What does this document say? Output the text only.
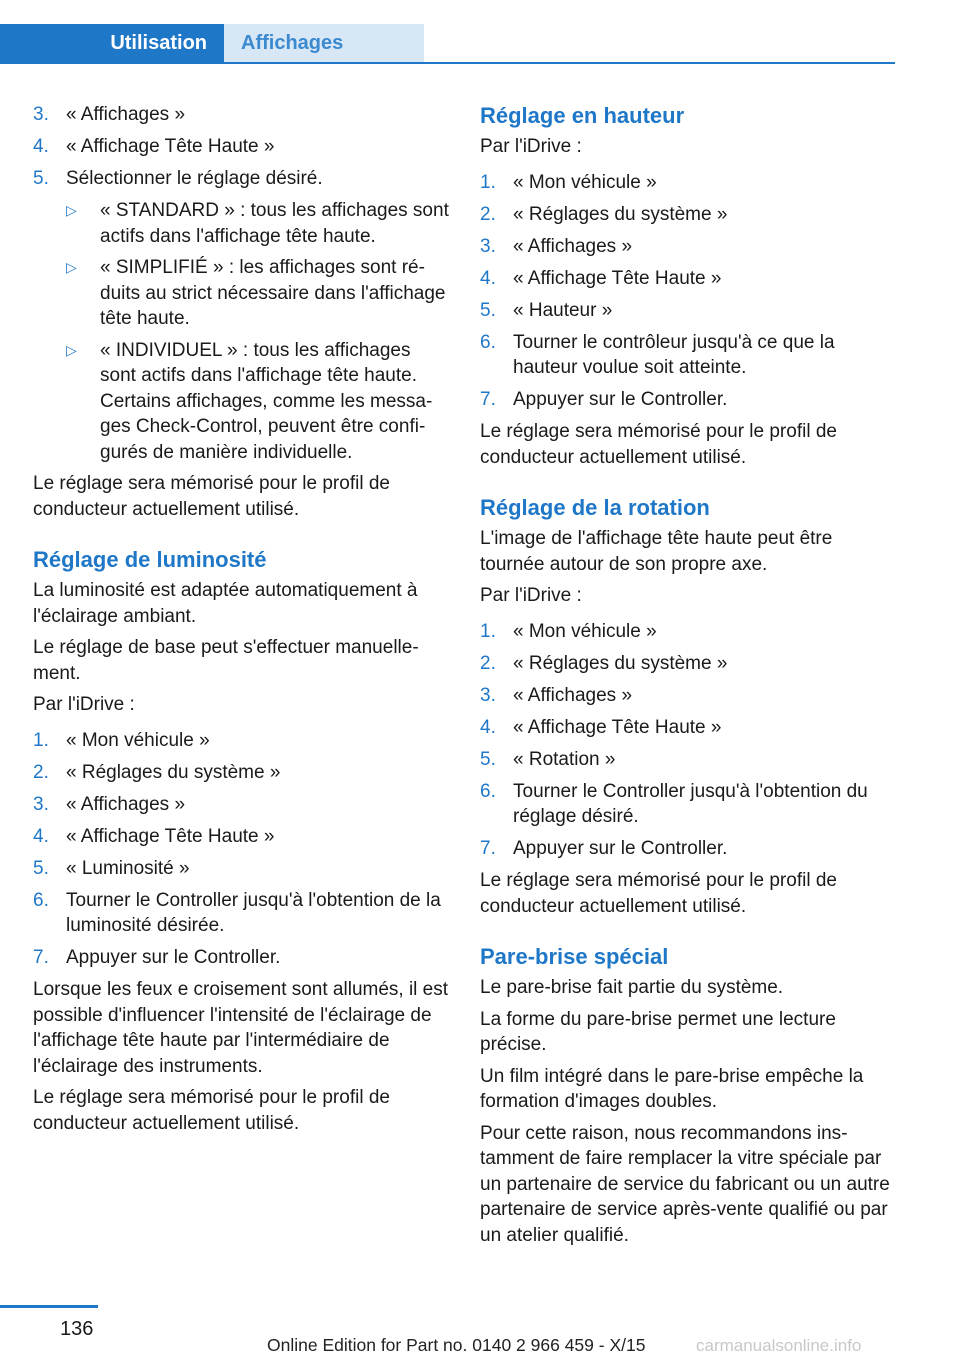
Utilisation	Affichages
3. « Affichages »
4. « Affichage Tête Haute »
5. Sélectionner le réglage désiré.
▷	« STANDARD » : tous les affichages sont actifs dans l'affichage tête haute.
▷	« SIMPLIFIÉ » : les affichages sont réduits au strict nécessaire dans l'affichage tête haute.
▷	« INDIVIDUEL » : tous les affichages sont actifs dans l'affichage tête haute. Certains affichages, comme les messages Check-Control, peuvent être configurés de manière individuelle.

Le réglage sera mémorisé pour le profil de conducteur actuellement utilisé.

Réglage de luminosité

La luminosité est adaptée automatiquement à l'éclairage ambiant.

Le réglage de base peut s'effectuer manuellement.

Par l'iDrive :

1. « Mon véhicule »
2. « Réglages du système »
3. « Affichages »
4. « Affichage Tête Haute »
5. « Luminosité »
6. Tourner le Controller jusqu'à l'obtention de la luminosité désirée.
7. Appuyer sur le Controller.

Lorsque les feux e croisement sont allumés, il est possible d'influencer l'intensité de l'éclairage de l'affichage tête haute par l'intermédiaire de l'éclairage des instruments.

Le réglage sera mémorisé pour le profil de conducteur actuellement utilisé.

Réglage en hauteur

Par l'iDrive :

1. « Mon véhicule »
2. « Réglages du système »
3. « Affichages »
4. « Affichage Tête Haute »
5. « Hauteur »
6. Tourner le contrôleur jusqu'à ce que la hauteur voulue soit atteinte.
7. Appuyer sur le Controller.

Le réglage sera mémorisé pour le profil de conducteur actuellement utilisé.

Réglage de la rotation

L'image de l'affichage tête haute peut être tournée autour de son propre axe.

Par l'iDrive :

1. « Mon véhicule »
2. « Réglages du système »
3. « Affichages »
4. « Affichage Tête Haute »
5. « Rotation »
6. Tourner le Controller jusqu'à l'obtention du réglage désiré.
7. Appuyer sur le Controller.

Le réglage sera mémorisé pour le profil de conducteur actuellement utilisé.

Pare-brise spécial

Le pare-brise fait partie du système.

La forme du pare-brise permet une lecture précise.

Un film intégré dans le pare-brise empêche la formation d'images doubles.

Pour cette raison, nous recommandons instamment de faire remplacer la vitre spéciale par un partenaire de service du fabricant ou un autre partenaire de service après-vente qualifié ou par un atelier qualifié.

136
Online Edition for Part no. 0140 2 966 459 - X/15	carmanualsonline.info
